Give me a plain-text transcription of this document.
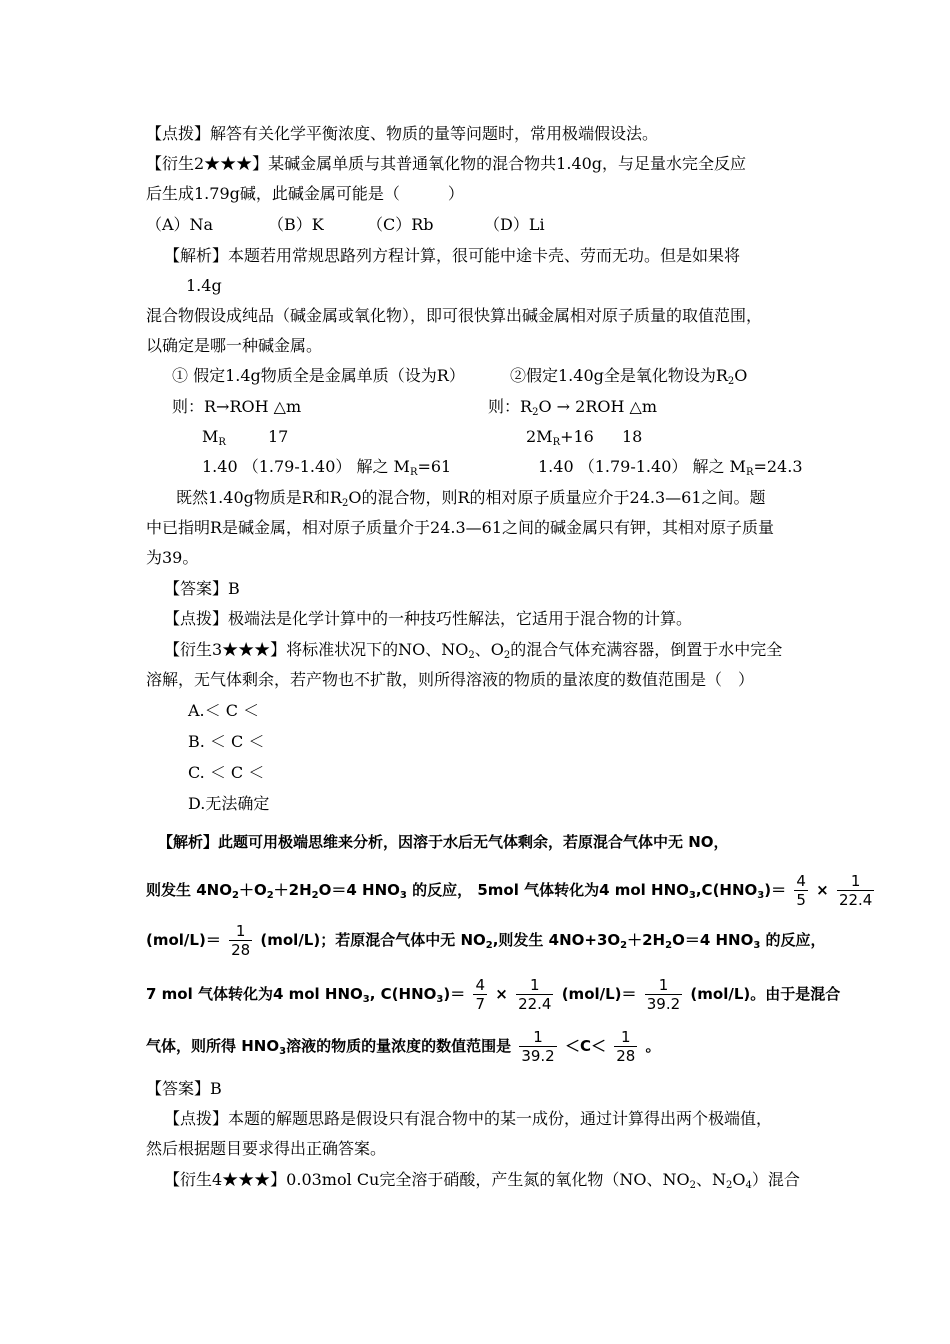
【点拨】解答有关化学平衡浓度、物质的量等问题时，常用极端假设法。
【衍生2★★★】某碱金属单质与其普通氧化物的混合物共1.40g，与足量水完全反应
后生成1.79g碱，此碱金属可能是（　　　）
（A）Na	（B）K	（C）Rb	（D）Li
【解析】本题若用常规思路列方程计算，很可能中途卡壳、劳而无功。但是如果将
1.4g
混合物假设成纯品（碱金属或氧化物），即可很快算出碱金属相对原子质量的取值范围，
以确定是哪一种碱金属。
① 假定1.4g物质全是金属单质（设为R）	②假定1.40g全是氧化物设为$R_2O$
则：R→ROH △m	则：$R_2O \to 2ROH$ △m
$M_R$	17	$2M_R+16$ 18
1.40 （1.79-1.40） 解之 $M_R=61$	1.40 （1.79-1.40） 解之 $M_R=24.3$
既然1.40g物质是R和$R_2O$的混合物，则R的相对原子质量应介于24.3—61之间。题
中已指明R是碱金属，相对原子质量介于24.3—61之间的碱金属只有钾，其相对原子质量
为39。
【答案】B
【点拨】极端法是化学计算中的一种技巧性解法，它适用于混合物的计算。
【衍生3★★★】将标准状况下的NO、$NO_2$、$O_2$的混合气体充满容器，倒置于水中完全
溶解，无气体剩余，若产物也不扩散，则所得溶液的物质的量浓度的数值范围是（　）
A.＜ C ＜
B. ＜ C ＜
C. ＜ C ＜
D.无法确定
【解析】此题可用极端思维来分析，因溶于水后无气体剩余，若原混合气体中无 NO，
则发生 $4NO_2+O_2+2H_2O=4$ $HNO_3$ 的反应， 5mol 气体转化为4 mol $HNO_3,C(HNO_3)= \frac{4}{5} \times \frac{1}{22.4}$
$(mol/L)= \frac{1}{28} (mol/L)$；若原混合气体中无 $NO_2$,则发生 $4NO+3O_2+2H_2O=4$ $HNO_3$ 的反应，
7 mol 气体转化为4 mol $HNO_3$, $C(HNO_3)= \frac{4}{7} \times \frac{1}{22.4} (mol/L)= \frac{1}{39.2} (mol/L)$。由于是混合
气体，则所得 $HNO_3$溶液的物质的量浓度的数值范围是 $\frac{1}{39.2} <C< \frac{1}{28}$ 。
【答案】B
【点拨】本题的解题思路是假设只有混合物中的某一成份，通过计算得出两个极端值，
然后根据题目要求得出正确答案。
【衍生4★★★】0.03mol Cu完全溶于硝酸，产生氮的氧化物（NO、$NO_2$、$N_2O_4$）混合
